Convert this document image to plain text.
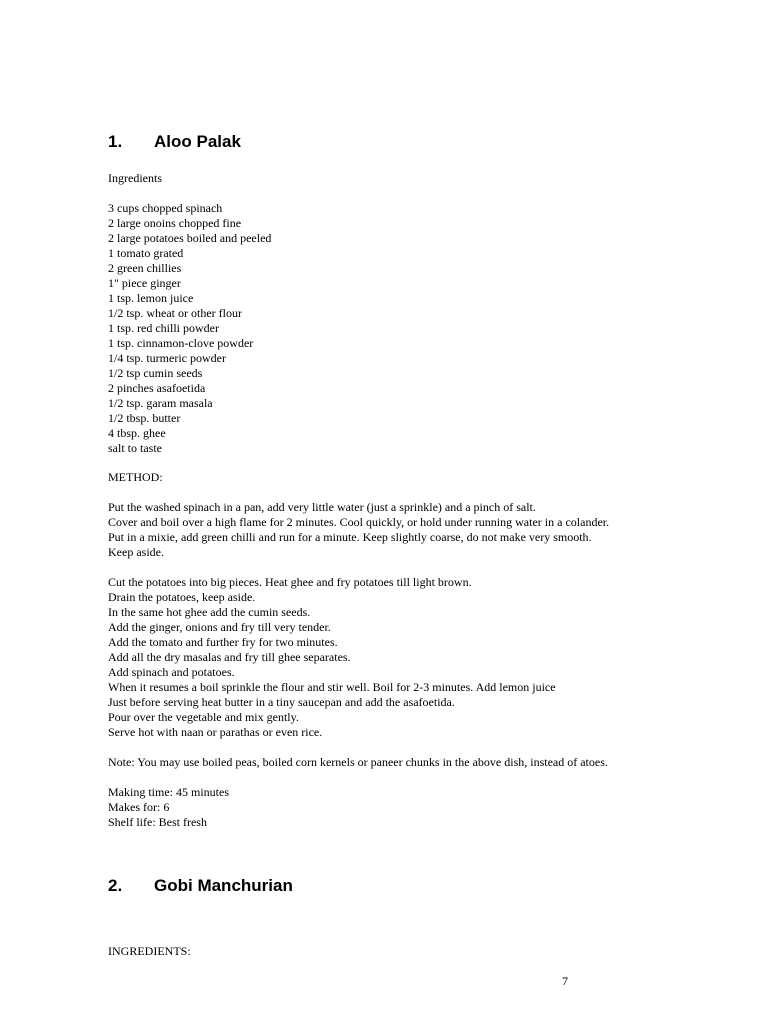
1. Aloo Palak
Ingredients
3 cups chopped spinach
2 large onoins chopped fine
2 large potatoes boiled and peeled
1 tomato grated
2 green chillies
1" piece ginger
1 tsp. lemon juice
1/2 tsp. wheat or other flour
1 tsp. red chilli powder
1 tsp. cinnamon-clove powder
1/4 tsp. turmeric powder
1/2 tsp cumin seeds
2 pinches asafoetida
1/2 tsp. garam masala
1/2 tbsp. butter
4 tbsp. ghee
salt to taste
METHOD:
Put the washed spinach in a pan, add very little water (just a sprinkle) and a pinch of salt.
Cover and boil over a high flame for 2 minutes. Cool quickly, or hold under running water in a colander.
Put in a mixie, add green chilli and run for a minute. Keep slightly coarse, do not make very smooth.
Keep aside.
Cut the potatoes into big pieces. Heat ghee and fry potatoes till light brown.
Drain the potatoes, keep aside.
In the same hot ghee add the cumin seeds.
Add the ginger, onions and fry till very tender.
Add the tomato and further fry for two minutes.
Add all the dry masalas and fry till ghee separates.
Add spinach and potatoes.
When it resumes a boil sprinkle the flour and stir well. Boil for 2-3 minutes. Add lemon juice
Just before serving heat butter in a tiny saucepan and add the asafoetida.
Pour over the vegetable and mix gently.
Serve hot with naan or parathas or even rice.
Note: You may use boiled peas, boiled corn kernels or paneer chunks in the above dish, instead of atoes.
Making time: 45 minutes
Makes for: 6
Shelf life: Best fresh
2. Gobi Manchurian
INGREDIENTS:
7
